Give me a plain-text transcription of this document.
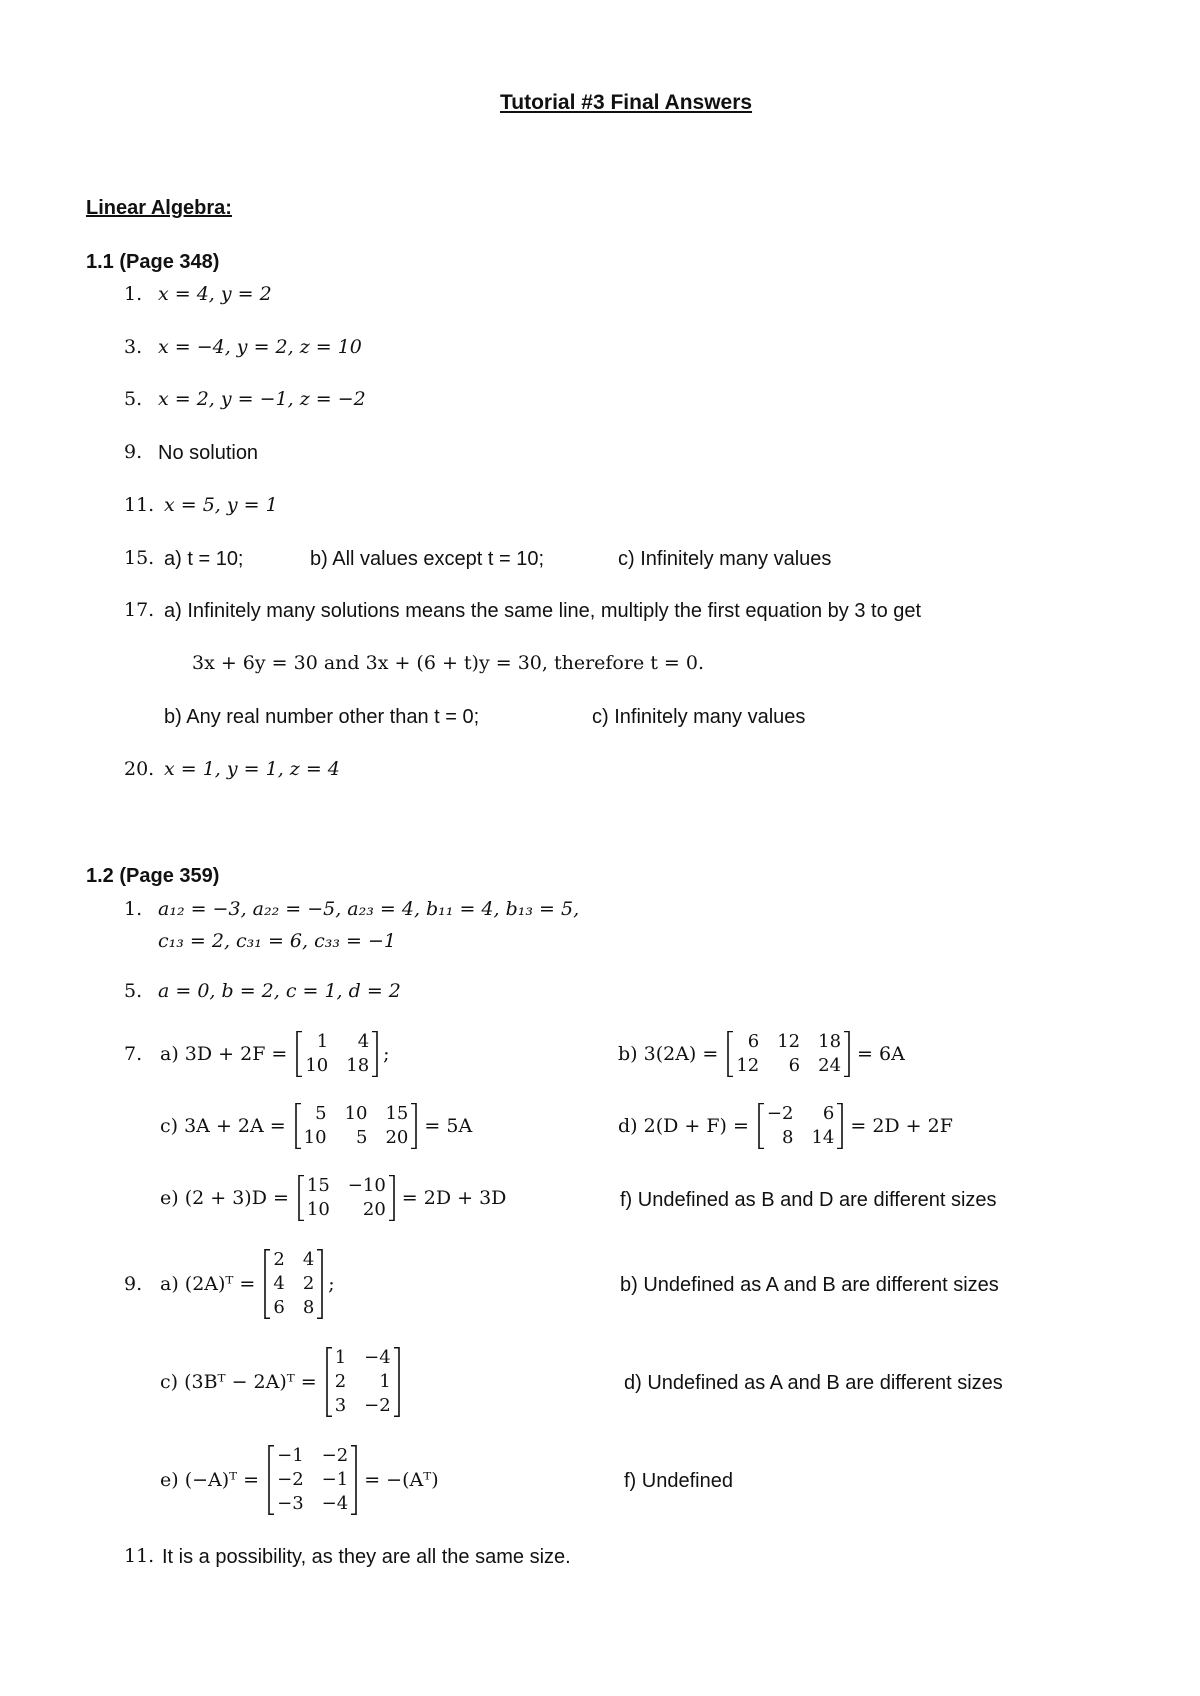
Tutorial #3 Final Answers
Linear Algebra:
1.1 (Page 348)
1. x = 4, y = 2
3. x = −4, y = 2, z = 10
5. x = 2, y = −1, z = −2
9. No solution
11. x = 5, y = 1
15. a) t = 10;	b) All values except t = 10;	c) Infinitely many values
17. a) Infinitely many solutions means the same line, multiply the first equation by 3 to get
3x + 6y = 30 and 3x + (6 + t)y = 30, therefore t = 0.
b) Any real number other than t = 0;	c) Infinitely many values
20. x = 1, y = 1, z = 4
1.2 (Page 359)
1. a₁₂ = −3, a₂₂ = −5, a₂₃ = 4, b₁₁ = 4, b₁₃ = 5,
c₁₃ = 2, c₃₁ = 6, c₃₃ = −1
5. a = 0, b = 2, c = 1, d = 2
7. a) 3D + 2F =
1	4
10 18
;	b) 3(2A) =
6 12 18
12	6 24
= 6A
c) 3A + 2A =
5 10 15
10	5 20
= 5A	d) 2(D + F) =
−2	6
8 14
= 2D + 2F
e) (2 + 3)D =
15 −10
10	20
= 2D + 3D	f) Undefined as B and D are different sizes
9. a) (2A)ᵀ =
2 4
4 2
6 8
;	b) Undefined as A and B are different sizes
c) (3Bᵀ − 2A)ᵀ =
1 −4
2	1
3 −2
d) Undefined as A and B are different sizes
e) (−A)ᵀ =
−1 −2
−2 −1
−3 −4
= −(Aᵀ)	f) Undefined
11. It is a possibility, as they are all the same size.
